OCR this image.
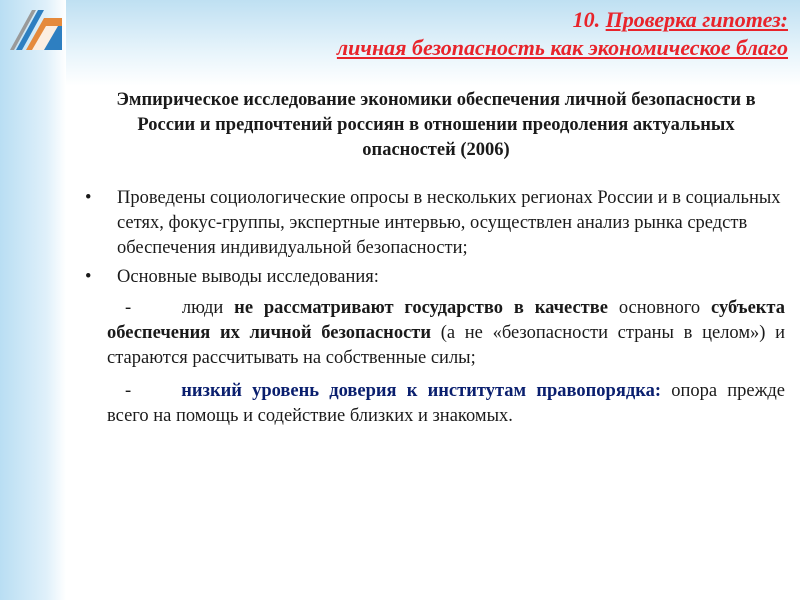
10. Проверка гипотез:
личная безопасность как экономическое благо
Эмпирическое исследование экономики обеспечения личной безопасности в России и предпочтений россиян в отношении преодоления актуальных опасностей (2006)
• Проведены социологические опросы в нескольких регионах России и в социальных сетях, фокус-группы, экспертные интервью, осуществлен анализ рынка средств обеспечения индивидуальной безопасности;
• Основные выводы исследования:
-	люди не рассматривают государство в качестве основного субъекта обеспечения их личной безопасности (а не «безопасности страны в целом») и стараются рассчитывать на собственные силы;
-	низкий уровень доверия к институтам правопорядка: опора прежде всего на помощь и содействие близких и знакомых.
